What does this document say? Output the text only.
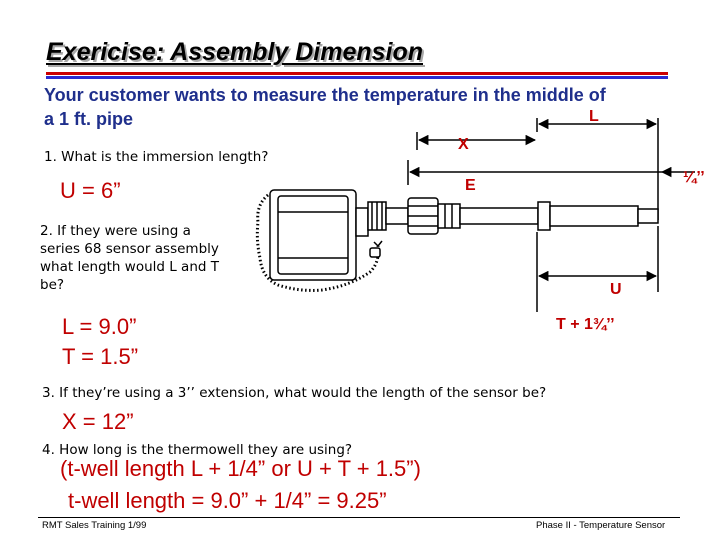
Exericise: Assembly Dimension
Your customer wants to measure the temperature in the middle of
a 1 ft. pipe
1. What is the immersion length?
U = 6”
2. If they were using a
series 68 sensor assembly
what length would L and T
be?
L = 9.0”
T = 1.5”
3. If they’re using a 3’’ extension, what would the length of the sensor be?
X = 12”
4. How long is the thermowell they are using?
(t-well length L + 1/4” or U + T + 1.5”)
t-well length = 9.0” + 1/4” = 9.25”
L
X
E	¼’’
U
T + 1¾’’
RMT Sales Training 1/99	Phase II - Temperature Sensor
